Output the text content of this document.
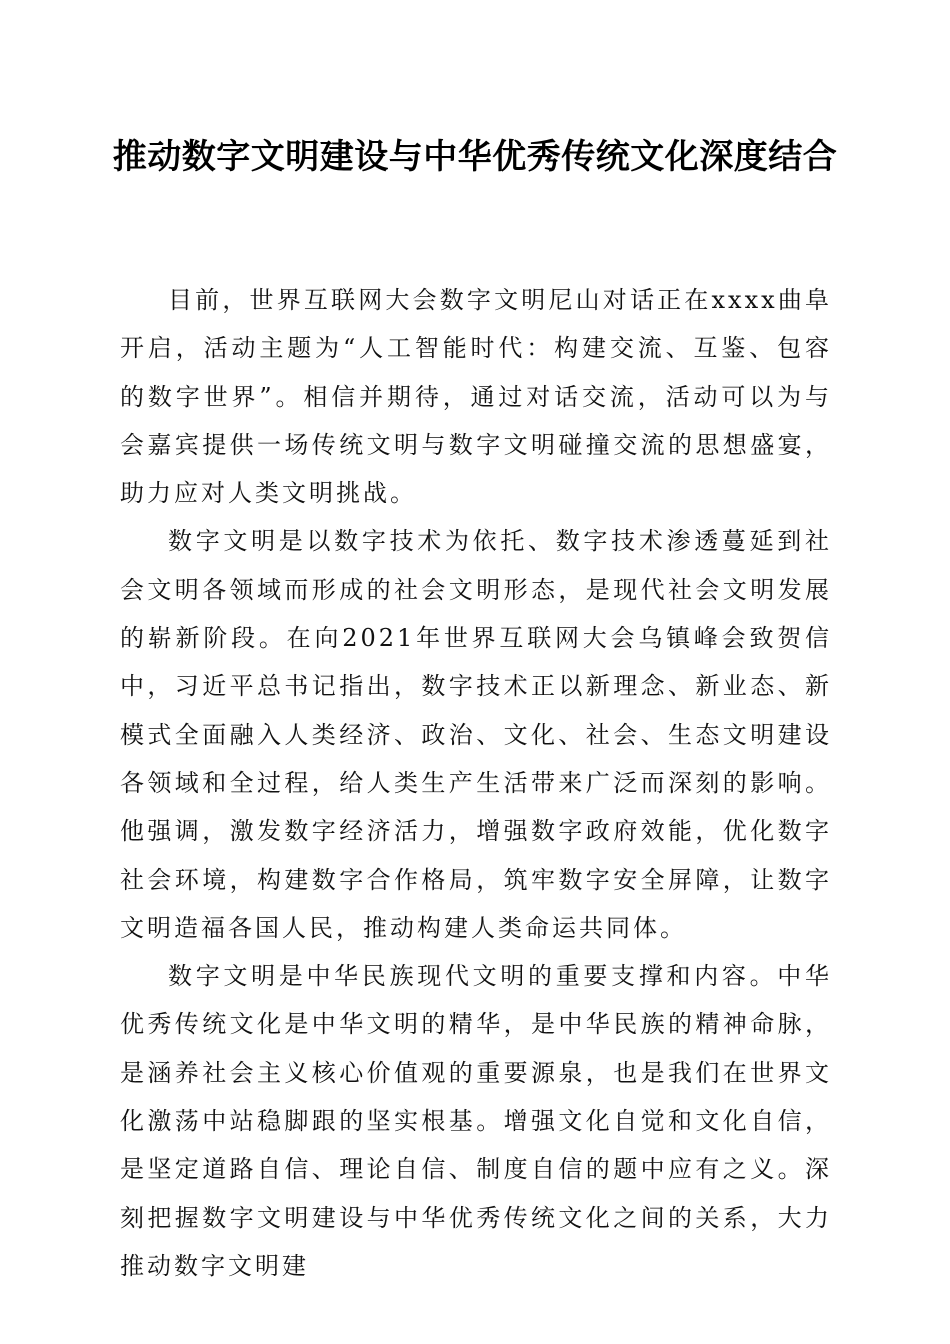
推动数字文明建设与中华优秀传统文化深度结合

目前，世界互联网大会数字文明尼山对话正在xxxx曲阜开启，活动主题为“人工智能时代：构建交流、互鉴、包容的数字世界”。相信并期待，通过对话交流，活动可以为与会嘉宾提供一场传统文明与数字文明碰撞交流的思想盛宴，助力应对人类文明挑战。

数字文明是以数字技术为依托、数字技术渗透蔓延到社会文明各领域而形成的社会文明形态，是现代社会文明发展的崭新阶段。在向2021年世界互联网大会乌镇峰会致贺信中，习近平总书记指出，数字技术正以新理念、新业态、新模式全面融入人类经济、政治、文化、社会、生态文明建设各领域和全过程，给人类生产生活带来广泛而深刻的影响。他强调，激发数字经济活力，增强数字政府效能，优化数字社会环境，构建数字合作格局，筑牢数字安全屏障，让数字文明造福各国人民，推动构建人类命运共同体。

数字文明是中华民族现代文明的重要支撑和内容。中华优秀传统文化是中华文明的精华，是中华民族的精神命脉，是涵养社会主义核心价值观的重要源泉，也是我们在世界文化激荡中站稳脚跟的坚实根基。增强文化自觉和文化自信，是坚定道路自信、理论自信、制度自信的题中应有之义。深刻把握数字文明建设与中华优秀传统文化之间的关系，大力推动数字文明建
